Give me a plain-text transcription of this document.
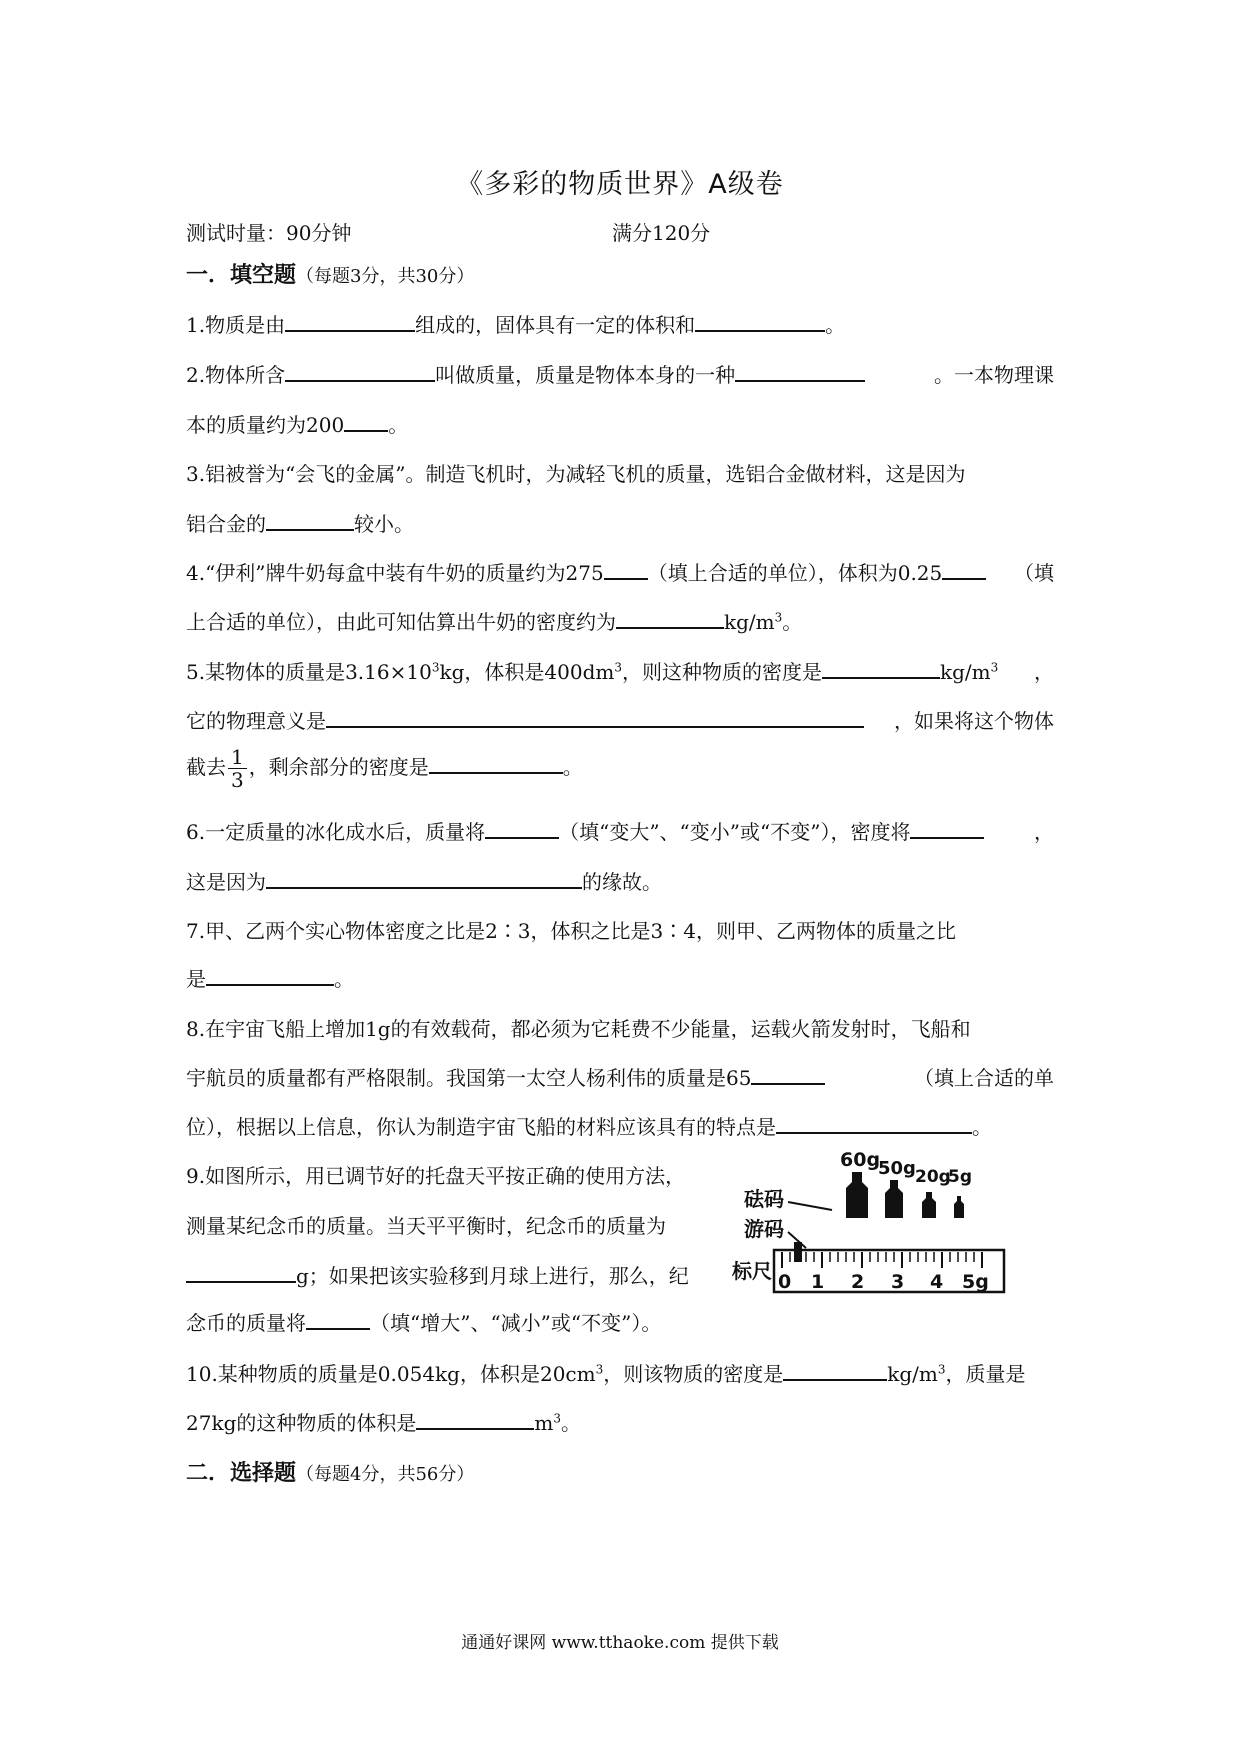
《多彩的物质世界》A级卷
测试时量：90分钟	满分120分
一．填空题（每题3分，共30分）
1.物质是由	组成的，固体具有一定的体积和	。
2.物体所含	叫做质量，质量是物体本身的一种	。一本物理课
本的质量约为200 。
3.铝被誉为“会飞的金属”。制造飞机时，为减轻飞机的质量，选铝合金做材料，这是因为
铝合金的	较小。
4.“伊利”牌牛奶每盒中装有牛奶的质量约为275 （填上合适的单位），体积为0.25	（填
上合适的单位），由此可知估算出牛奶的密度约为	$kg/m^3$。
5.某物体的质量是$3.16\times 10^3kg$，体积是$400dm^3$，则这种物质的密度是	$kg/m^3$ ，
它的物理意义是	，如果将这个物体
截去 $\frac{1}{3}$ ，剩余部分的密度是	。
6.一定质量的冰化成水后，质量将	（填“变大”、“变小”或“不变”），密度将	，
这是因为	的缘故。
7.甲、乙两个实心物体密度之比是2∶3，体积之比是3∶4，则甲、乙两物体的质量之比
是	。
8.在宇宙飞船上增加1g的有效载荷，都必须为它耗费不少能量，运载火箭发射时，飞船和
宇航员的质量都有严格限制。我国第一太空人杨利伟的质量是65	（填上合适的单
位），根据以上信息，你认为制造宇宙飞船的材料应该具有的特点是	。
9.如图所示，用已调节好的托盘天平按正确的使用方法，
测量某纪念币的质量。当天平平衡时，纪念币的质量为
g；如果把该实验移到月球上进行，那么，纪
念币的质量将	（填“增大”、“减小”或“不变”）。
60g
50g 20g
5g
砝码
游码
标尺 0 1 2 3 4 5g
10.某种物质的质量是0.054kg，体积是$20cm^3$，则该物质的密度是	$kg/m^3$，质量是
27kg的这种物质的体积是	$m^3$。
二．选择题（每题4分，共56分）
通通好课网 www.tthaoke.com 提供下载
